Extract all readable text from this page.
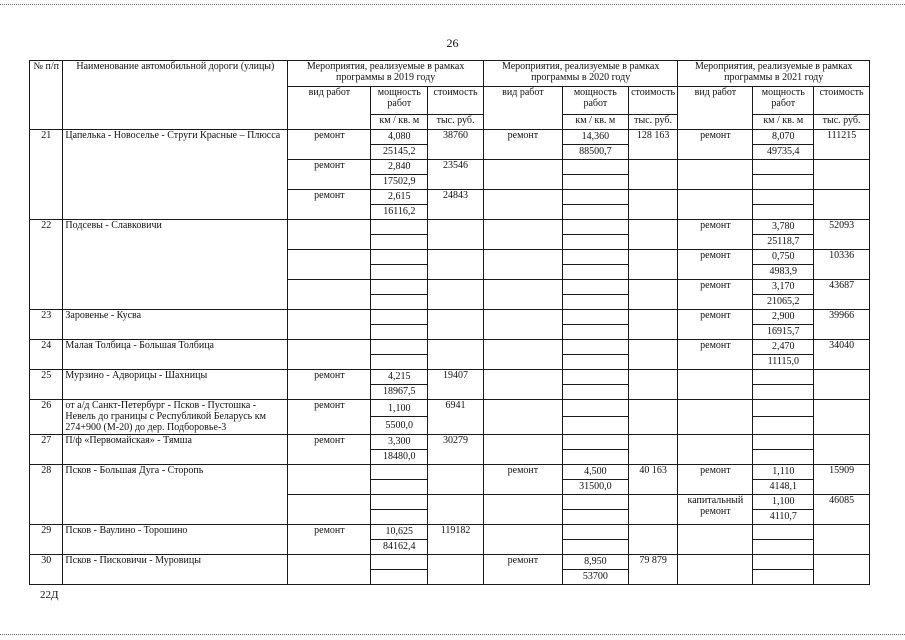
26
№ п/п	Наименование автомобильной дороги (улицы)	Мероприятия, реализуемые в рамках программы в 2019 году			Мероприятия, реализуемые в рамках программы в 2020 году			Мероприятия, реализуемые в рамках программы в 2021 году		
		вид работ	мощность работ	стоимость	вид работ	мощность работ	стоимость	вид работ	мощность работ	стоимость
			км / кв. м	тыс. руб.		км / кв. м	тыс. руб.		км / кв. м	тыс. руб.
21	Цапелька - Новоселье - Струги Красные – Плюсса	ремонт	4,080	38760	ремонт	14,360	128 163	ремонт	8,070	111215
			25145,2			88500,7			49735,4	
		ремонт	2,840	23546						
			17502,9							
		ремонт	2,615	24843						
			16116,2							
22	Подсевы - Славковичи							ремонт	3,780	52093
									25118,7	
								ремонт	0,750	10336
									4983,9	
								ремонт	3,170	43687
									21065,2	
23	Заровенье - Кусва							ремонт	2,900	39966
									16915,7	
24	Малая Толбица - Большая Толбица							ремонт	2,470	34040
									11115,0	
25	Мурзино - Адворицы - Шахницы	ремонт	4,215	19407						
			18967,5							
26	от а/д Санкт-Петербург - Псков - Пустошка - Невель до границы с Республикой Беларусь км 274+900 (М-20) до дер. Подборовье-3	ремонт	1,100	6941						
			5500,0							
27	П/ф «Первомайская» - Тямша	ремонт	3,300	30279						
			18480,0							
28	Псков - Большая Дуга - Сторопь				ремонт	4,500	40 163	ремонт	1,110	15909
						31500,0			4148,1	
								капитальный ремонт	1,100	46085
									4110,7	
29	Псков - Ваулино - Торошино	ремонт	10,625	119182						
			84162,4							
30	Псков - Пискoвичи - Муровицы				ремонт	8,950	79 879			
						53700				
22Д
